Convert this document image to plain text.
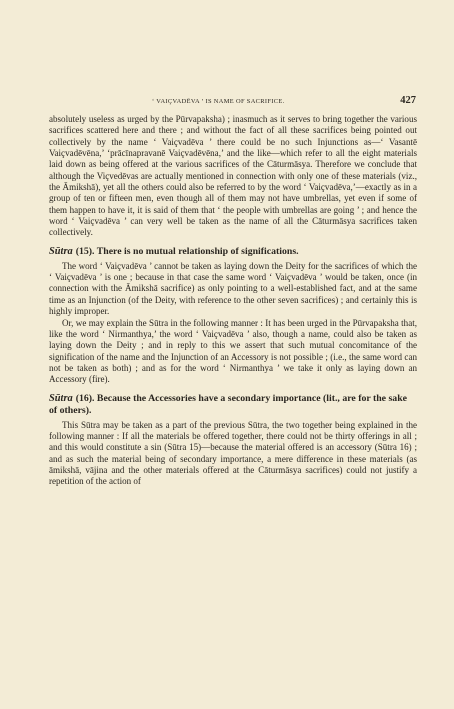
‘ VAIÇVADĒVA ’ IS NAME OF SACRIFICE.	427

absolutely useless as urged by the Pūrvapaksha) ; inasmuch as it serves to bring together the various sacrifices scattered here and there ; and without the fact of all these sacrifices being pointed out collectively by the name ‘ Vaiçvadēva ’ there could be no such Injunctions as—‘ Vasantē Vaiçvadēvēna,’ ‘prācīnapravanē Vaiçvadēvēna,’ and the like—which refer to all the eight materials laid down as being offered at the various sacrifices of the Cāturmāsya. Therefore we conclude that although the Viçvedēvas are actually mentioned in connection with only one of these materials (viz., the Āmikshā), yet all the others could also be referred to by the word ‘ Vaiçvadēva,’—exactly as in a group of ten or fifteen men, even though all of them may not have umbrellas, yet even if some of them happen to have it, it is said of them that ‘ the people with umbrellas are going ’ ; and hence the word ‘ Vaiçvadēva ’ can very well be taken as the name of all the Cāturmāsya sacrifices taken collectively.

Sūtra (15). There is no mutual relationship of significations.

The word ‘ Vaiçvadēva ’ cannot be taken as laying down the Deity for the sacrifices of which the ‘ Vaiçvadēva ’ is one ; because in that case the same word ‘ Vaiçvadēva ’ would be taken, once (in connection with the Āmikshā sacrifice) as only pointing to a well-established fact, and at the same time as an Injunction (of the Deity, with reference to the other seven sacrifices) ; and certainly this is highly improper.

Or, we may explain the Sūtra in the following manner : It has been urged in the Pūrvapaksha that, like the word ‘ Nirmanthya,’ the word ‘ Vaiçvadēva ’ also, though a name, could also be taken as laying down the Deity ; and in reply to this we assert that such mutual concomitance of the signification of the name and the Injunction of an Accessory is not possible ; (i.e., the same word can not be taken as both) ; and as for the word ‘ Nirmanthya ’ we take it only as laying down an Accessory (fire).

Sūtra (16). Because the Accessories have a secondary importance (lit., are for the sake of others).

This Sūtra may be taken as a part of the previous Sūtra, the two together being explained in the following manner : If all the materials be offered together, there could not be thirty offerings in all ; and this would constitute a sin (Sūtra 15)—because the material offered is an accessory (Sūtra 16) ; and as such the material being of secondary importance, a mere difference in these materials (as āmikshā, vājina and the other materials offered at the Cāturmāsya sacrifices) could not justify a repetition of the action of
